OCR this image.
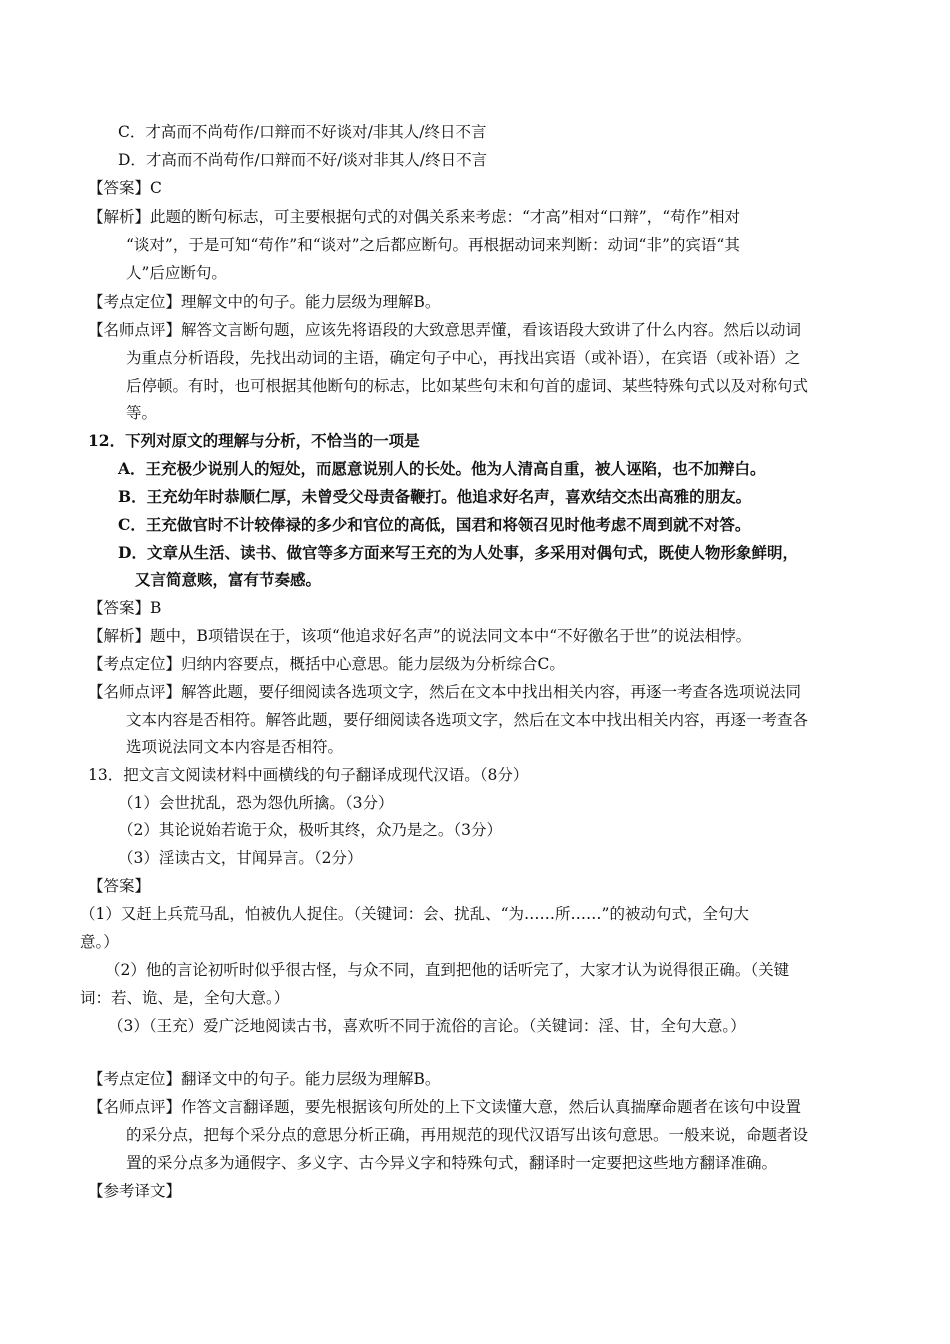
C．才高而不尚苟作/口辩而不好谈对/非其人/终日不言
D．才高而不尚苟作/口辩而不好/谈对非其人/终日不言
【答案】C
【解析】此题的断句标志，可主要根据句式的对偶关系来考虑：“才高”相对“口辩”，“苟作”相对
“谈对”，于是可知“苟作”和“谈对”之后都应断句。再根据动词来判断：动词“非”的宾语“其
人”后应断句。
【考点定位】理解文中的句子。能力层级为理解B。
【名师点评】解答文言断句题，应该先将语段的大致意思弄懂，看该语段大致讲了什么内容。然后以动词
为重点分析语段，先找出动词的主语，确定句子中心，再找出宾语（或补语），在宾语（或补语）之
后停顿。有时，也可根据其他断句的标志，比如某些句末和句首的虚词、某些特殊句式以及对称句式
等。
12．下列对原文的理解与分析，不恰当的一项是
A．王充极少说别人的短处，而愿意说别人的长处。他为人清高自重，被人诬陷，也不加辩白。
B．王充幼年时恭顺仁厚，未曾受父母责备鞭打。他追求好名声，喜欢结交杰出高雅的朋友。
C．王充做官时不计较俸禄的多少和官位的高低，国君和将领召见时他考虑不周到就不对答。
D．文章从生活、读书、做官等多方面来写王充的为人处事，多采用对偶句式，既使人物形象鲜明，
又言简意赅，富有节奏感。
【答案】B
【解析】题中，B项错误在于，该项“他追求好名声”的说法同文本中“不好徼名于世”的说法相悖。
【考点定位】归纳内容要点，概括中心意思。能力层级为分析综合C。
【名师点评】解答此题，要仔细阅读各选项文字，然后在文本中找出相关内容，再逐一考查各选项说法同
文本内容是否相符。解答此题，要仔细阅读各选项文字，然后在文本中找出相关内容，再逐一考查各
选项说法同文本内容是否相符。
13．把文言文阅读材料中画横线的句子翻译成现代汉语。（8分）
（1）会世扰乱，恐为怨仇所擒。（3分）
（2）其论说始若诡于众，极听其终，众乃是之。（3分）
（3）淫读古文，甘闻异言。（2分）
【答案】
（1）又赶上兵荒马乱，怕被仇人捉住。（关键词：会、扰乱、“为……所……”的被动句式，全句大
意。）
（2）他的言论初听时似乎很古怪，与众不同，直到把他的话听完了，大家才认为说得很正确。（关键
词：若、诡、是，全句大意。）
（3）（王充）爱广泛地阅读古书，喜欢听不同于流俗的言论。（关键词：淫、甘，全句大意。）
【考点定位】翻译文中的句子。能力层级为理解B。
【名师点评】作答文言翻译题，要先根据该句所处的上下文读懂大意，然后认真揣摩命题者在该句中设置
的采分点，把每个采分点的意思分析正确，再用规范的现代汉语写出该句意思。一般来说，命题者设
置的采分点多为通假字、多义字、古今异义字和特殊句式，翻译时一定要把这些地方翻译准确。
【参考译文】
